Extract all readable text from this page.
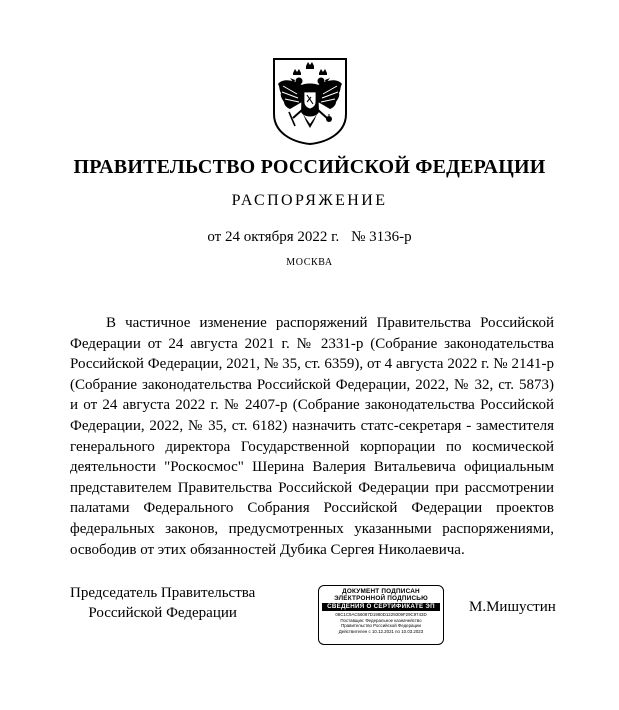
ПРАВИТЕЛЬСТВО РОССИЙСКОЙ ФЕДЕРАЦИИ
РАСПОРЯЖЕНИЕ
от 24 октября 2022 г. № 3136-р
МОСКВА
В частичное изменение распоряжений Правительства Российской
Федерации от 24 августа 2021 г. № 2331-р (Собрание законодательства
Российской Федерации, 2021, № 35, ст. 6359), от 4 августа 2022 г. № 2141-р
(Собрание законодательства Российской Федерации, 2022, № 32, ст. 5873)
и от 24 августа 2022 г. № 2407-р (Собрание законодательства Российской
Федерации, 2022, № 35, ст. 6182) назначить статс-секретаря - заместителя
генерального директора Государственной корпорации по космической
деятельности "Роскосмос" Шерина Валерия Витальевича официальным
представителем Правительства Российской Федерации при рассмотрении
палатами Федерального Собрания Российской Федерации проектов
федеральных законов, предусмотренных указанными распоряжениями,
освободив от этих обязанностей Дубика Сергея Николаевича.
Председатель Правительства
Российской Федерации
ДОКУМЕНТ ПОДПИСАН
ЭЛЕКТРОННОЙ ПОДПИСЬЮ
СВЕДЕНИЯ О СЕРТИФИКАТЕ ЭП
08C1C9AC56087D1980D1229309F29C9743D
Поставщик: Федеральное казначейство
Правительство Российской Федерации
Действителен с 10.12.2021 по 10.03.2023
М.Мишустин
